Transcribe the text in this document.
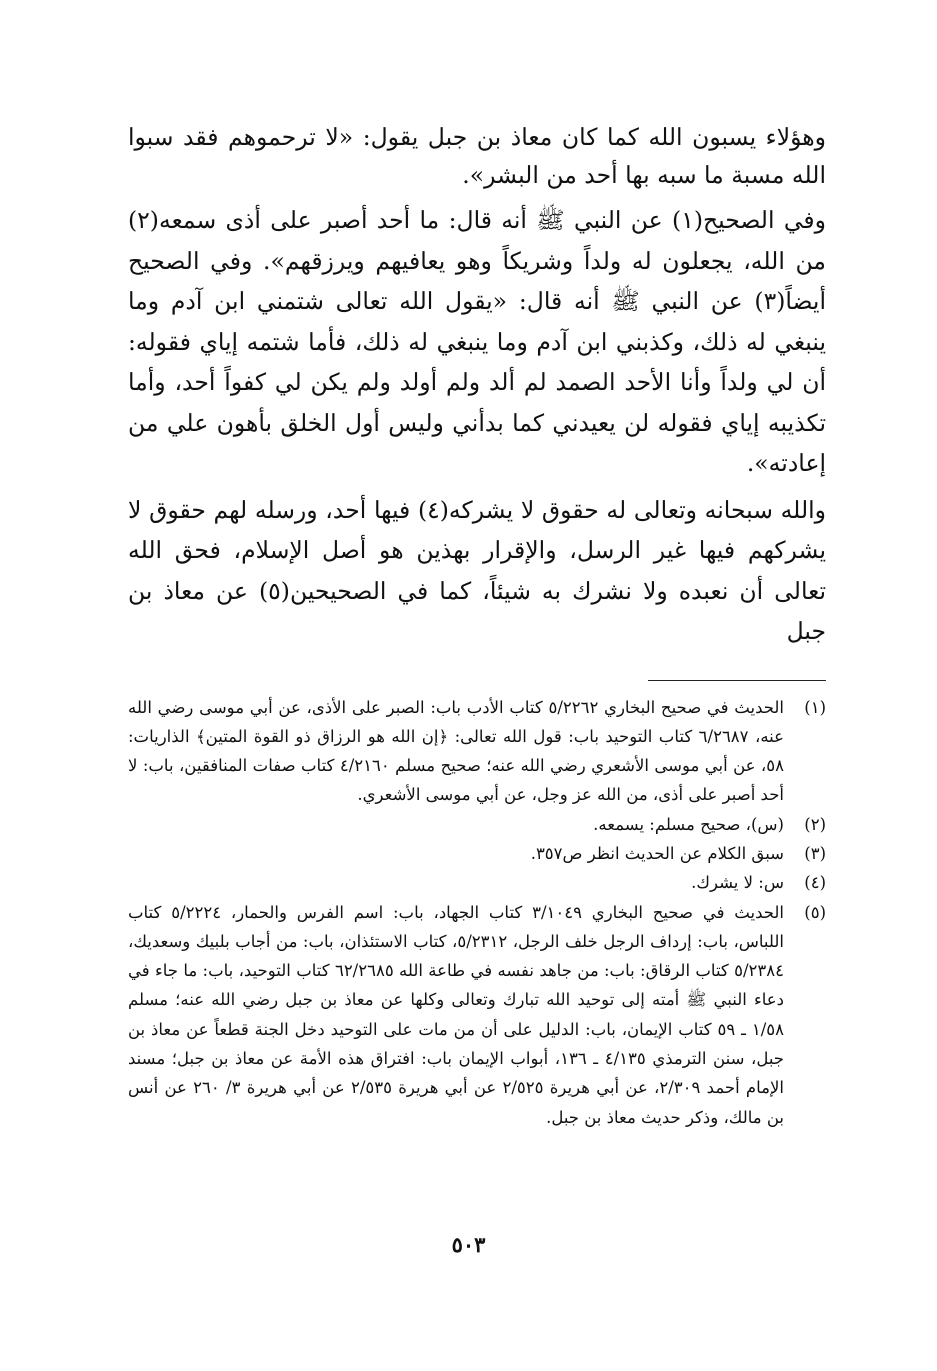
وهؤلاء يسبون الله كما كان معاذ بن جبل يقول: «لا ترحموهم فقد سبوا الله مسبة ما سبه بها أحد من البشر».

وفي الصحيح(١) عن النبي ﷺ أنه قال: ما أحد أصبر على أذى سمعه(٢) من الله، يجعلون له ولداً وشريكاً وهو يعافيهم ويرزقهم». وفي الصحيح أيضاً(٣) عن النبي ﷺ أنه قال: «يقول الله تعالى شتمني ابن آدم وما ينبغي له ذلك، وكذبني ابن آدم وما ينبغي له ذلك، فأما شتمه إياي فقوله: أن لي ولداً وأنا الأحد الصمد لم ألد ولم أولد ولم يكن لي كفواً أحد، وأما تكذيبه إياي فقوله لن يعيدني كما بدأني وليس أول الخلق بأهون علي من إعادته».

والله سبحانه وتعالى له حقوق لا يشركه(٤) فيها أحد، ورسله لهم حقوق لا يشركهم فيها غير الرسل، والإقرار بهذين هو أصل الإسلام، فحق الله تعالى أن نعبده ولا نشرك به شيئاً، كما في الصحيحين(٥) عن معاذ بن جبل

(١)
الحديث في صحيح البخاري ٥/٢٢٦٢ كتاب الأدب باب: الصبر على الأذى، عن أبي موسى رضي الله عنه، ٦/٢٦٨٧ كتاب التوحيد باب: قول الله تعالى: ﴿إن الله هو الرزاق ذو القوة المتين﴾ الذاريات: ٥٨، عن أبي موسى الأشعري رضي الله عنه؛ صحيح مسلم ٤/٢١٦٠ كتاب صفات المنافقين، باب: لا أحد أصبر على أذى، من الله عز وجل، عن أبي موسى الأشعري.
(٢)
(س)، صحيح مسلم: يسمعه.
(٣)
سبق الكلام عن الحديث انظر ص٣٥٧.
(٤)
س: لا يشرك.
(٥)
الحديث في صحيح البخاري ٣/١٠٤٩ كتاب الجهاد، باب: اسم الفرس والحمار، ٥/٢٢٢٤ كتاب اللباس، باب: إرداف الرجل خلف الرجل، ٥/٢٣١٢، كتاب الاستئذان، باب: من أجاب بلبيك وسعديك، ٥/٢٣٨٤ كتاب الرقاق: باب: من جاهد نفسه في طاعة الله ٦٢/٢٦٨٥ كتاب التوحيد، باب: ما جاء في دعاء النبي ﷺ أمته إلى توحيد الله تبارك وتعالى وكلها عن معاذ بن جبل رضي الله عنه؛ مسلم ١/٥٨ ـ ٥٩ كتاب الإيمان، باب: الدليل على أن من مات على التوحيد دخل الجنة قطعاً عن معاذ بن جبل، سنن الترمذي ٤/١٣٥ ـ ١٣٦، أبواب الإيمان باب: افتراق هذه الأمة عن معاذ بن جبل؛ مسند الإمام أحمد ٢/٣٠٩، عن أبي هريرة ٢/٥٢٥ عن أبي هريرة ٢/٥٣٥ عن أبي هريرة ٣/ ٢٦٠ عن أنس بن مالك، وذكر حديث معاذ بن جبل.
٥٠٣
